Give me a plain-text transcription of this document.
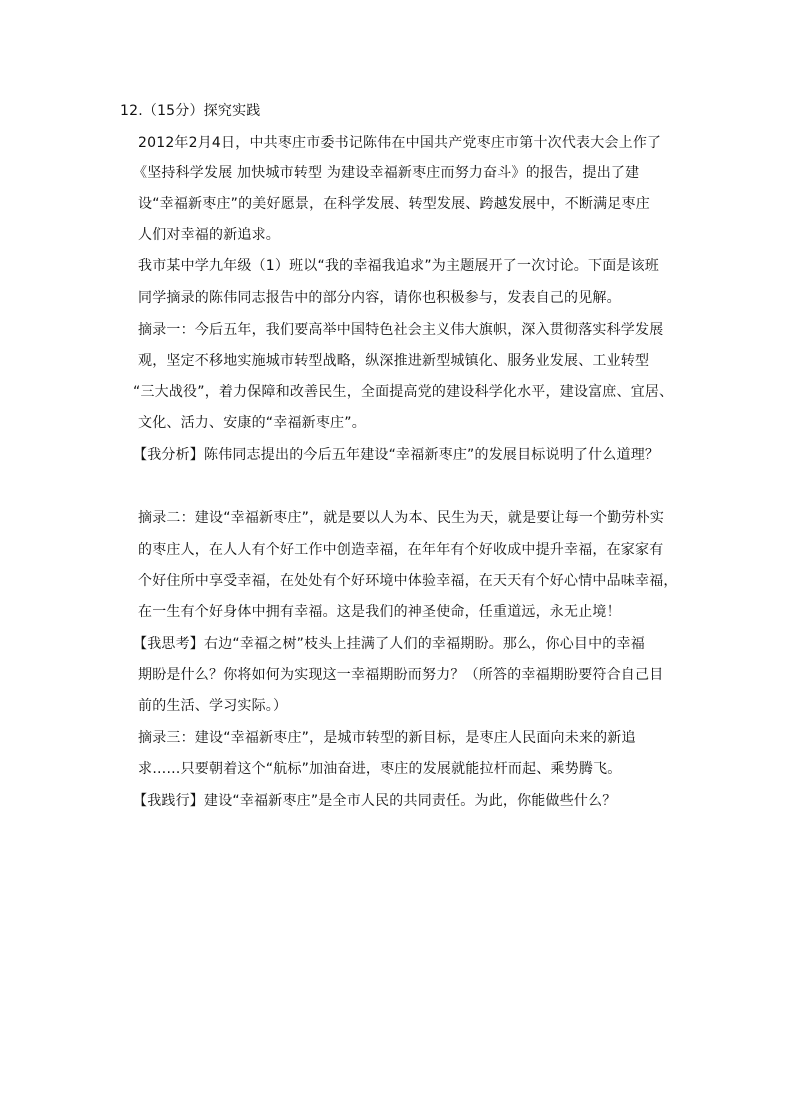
12.（15分）探究实践
2012年2月4日，中共枣庄市委书记陈伟在中国共产党枣庄市第十次代表大会上作了
《坚持科学发展 加快城市转型 为建设幸福新枣庄而努力奋斗》的报告，提出了建
设“幸福新枣庄”的美好愿景，在科学发展、转型发展、跨越发展中，不断满足枣庄
人们对幸福的新追求。
我市某中学九年级（1）班以“我的幸福我追求”为主题展开了一次讨论。下面是该班
同学摘录的陈伟同志报告中的部分内容，请你也积极参与，发表自己的见解。
摘录一：今后五年，我们要高举中国特色社会主义伟大旗帜，深入贯彻落实科学发展
观，坚定不移地实施城市转型战略，纵深推进新型城镇化、服务业发展、工业转型
“三大战役”，着力保障和改善民生，全面提高党的建设科学化水平，建设富庶、宜居、
文化、活力、安康的“幸福新枣庄”。
【我分析】陈伟同志提出的今后五年建设“幸福新枣庄”的发展目标说明了什么道理？
摘录二：建设“幸福新枣庄”，就是要以人为本、民生为天，就是要让每一个勤劳朴实
的枣庄人，在人人有个好工作中创造幸福，在年年有个好收成中提升幸福，在家家有
个好住所中享受幸福，在处处有个好环境中体验幸福，在天天有个好心情中品味幸福，
在一生有个好身体中拥有幸福。这是我们的神圣使命，任重道远，永无止境！
【我思考】右边“幸福之树”枝头上挂满了人们的幸福期盼。那么，你心目中的幸福
期盼是什么？你将如何为实现这一幸福期盼而努力？（所答的幸福期盼要符合自己目
前的生活、学习实际。）
摘录三：建设“幸福新枣庄”，是城市转型的新目标，是枣庄人民面向未来的新追
求……只要朝着这个“航标”加油奋进，枣庄的发展就能拉杆而起、乘势腾飞。
【我践行】建设“幸福新枣庄”是全市人民的共同责任。为此，你能做些什么？
